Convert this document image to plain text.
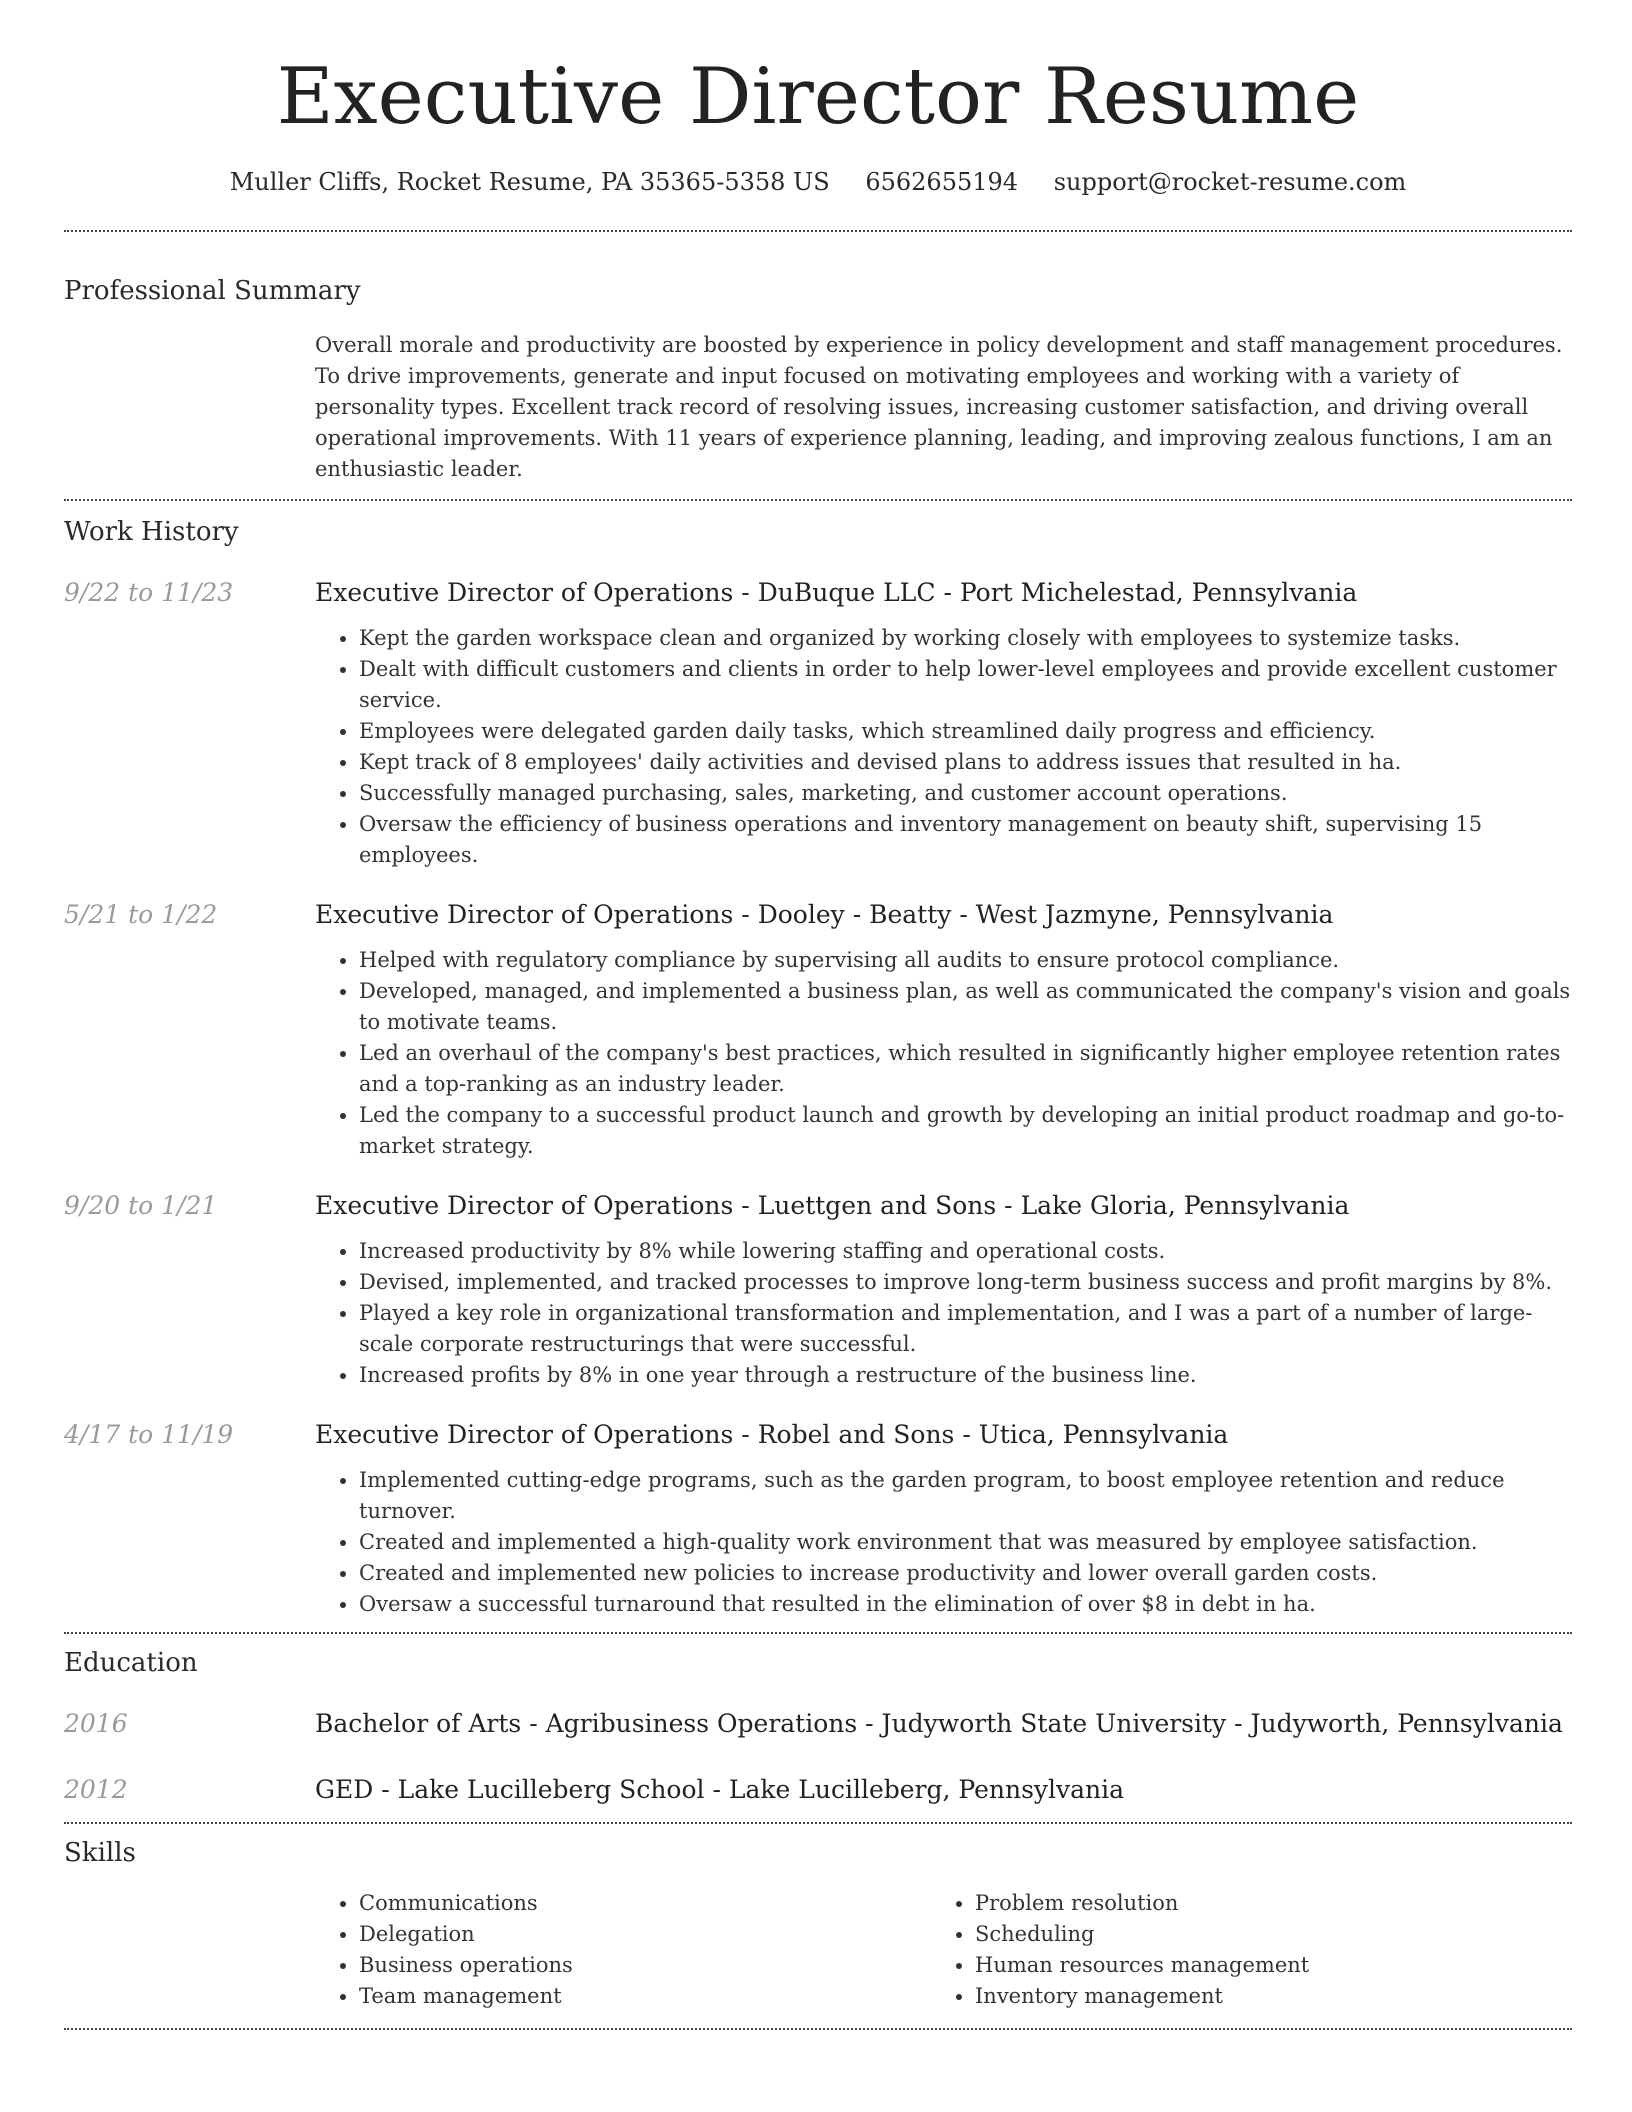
Executive Director Resume
Muller Cliffs, Rocket Resume, PA 35365-5358 US 6562655194 support@rocket-resume.com
Professional Summary
Overall morale and productivity are boosted by experience in policy development and staff management procedures. To drive improvements, generate and input focused on motivating employees and working with a variety of personality types. Excellent track record of resolving issues, increasing customer satisfaction, and driving overall operational improvements. With 11 years of experience planning, leading, and improving zealous functions, I am an enthusiastic leader.
Work History
9/22 to 11/23	Executive Director of Operations - DuBuque LLC - Port Michelestad, Pennsylvania
• Kept the garden workspace clean and organized by working closely with employees to systemize tasks.
• Dealt with difficult customers and clients in order to help lower-level employees and provide excellent customer service.
• Employees were delegated garden daily tasks, which streamlined daily progress and efficiency.
• Kept track of 8 employees' daily activities and devised plans to address issues that resulted in ha.
• Successfully managed purchasing, sales, marketing, and customer account operations.
• Oversaw the efficiency of business operations and inventory management on beauty shift, supervising 15 employees.
5/21 to 1/22	Executive Director of Operations - Dooley - Beatty - West Jazmyne, Pennsylvania
• Helped with regulatory compliance by supervising all audits to ensure protocol compliance.
• Developed, managed, and implemented a business plan, as well as communicated the company's vision and goals to motivate teams.
• Led an overhaul of the company's best practices, which resulted in significantly higher employee retention rates and a top-ranking as an industry leader.
• Led the company to a successful product launch and growth by developing an initial product roadmap and go-to-market strategy.
9/20 to 1/21	Executive Director of Operations - Luettgen and Sons - Lake Gloria, Pennsylvania
• Increased productivity by 8% while lowering staffing and operational costs.
• Devised, implemented, and tracked processes to improve long-term business success and profit margins by 8%.
• Played a key role in organizational transformation and implementation, and I was a part of a number of large-scale corporate restructurings that were successful.
• Increased profits by 8% in one year through a restructure of the business line.
4/17 to 11/19	Executive Director of Operations - Robel and Sons - Utica, Pennsylvania
• Implemented cutting-edge programs, such as the garden program, to boost employee retention and reduce turnover.
• Created and implemented a high-quality work environment that was measured by employee satisfaction.
• Created and implemented new policies to increase productivity and lower overall garden costs.
• Oversaw a successful turnaround that resulted in the elimination of over $8 in debt in ha.
Education
2016	Bachelor of Arts - Agribusiness Operations - Judyworth State University - Judyworth, Pennsylvania
2012	GED - Lake Lucilleberg School - Lake Lucilleberg, Pennsylvania
Skills
• Communications
• Delegation
• Business operations
• Team management
• Problem resolution
• Scheduling
• Human resources management
• Inventory management
